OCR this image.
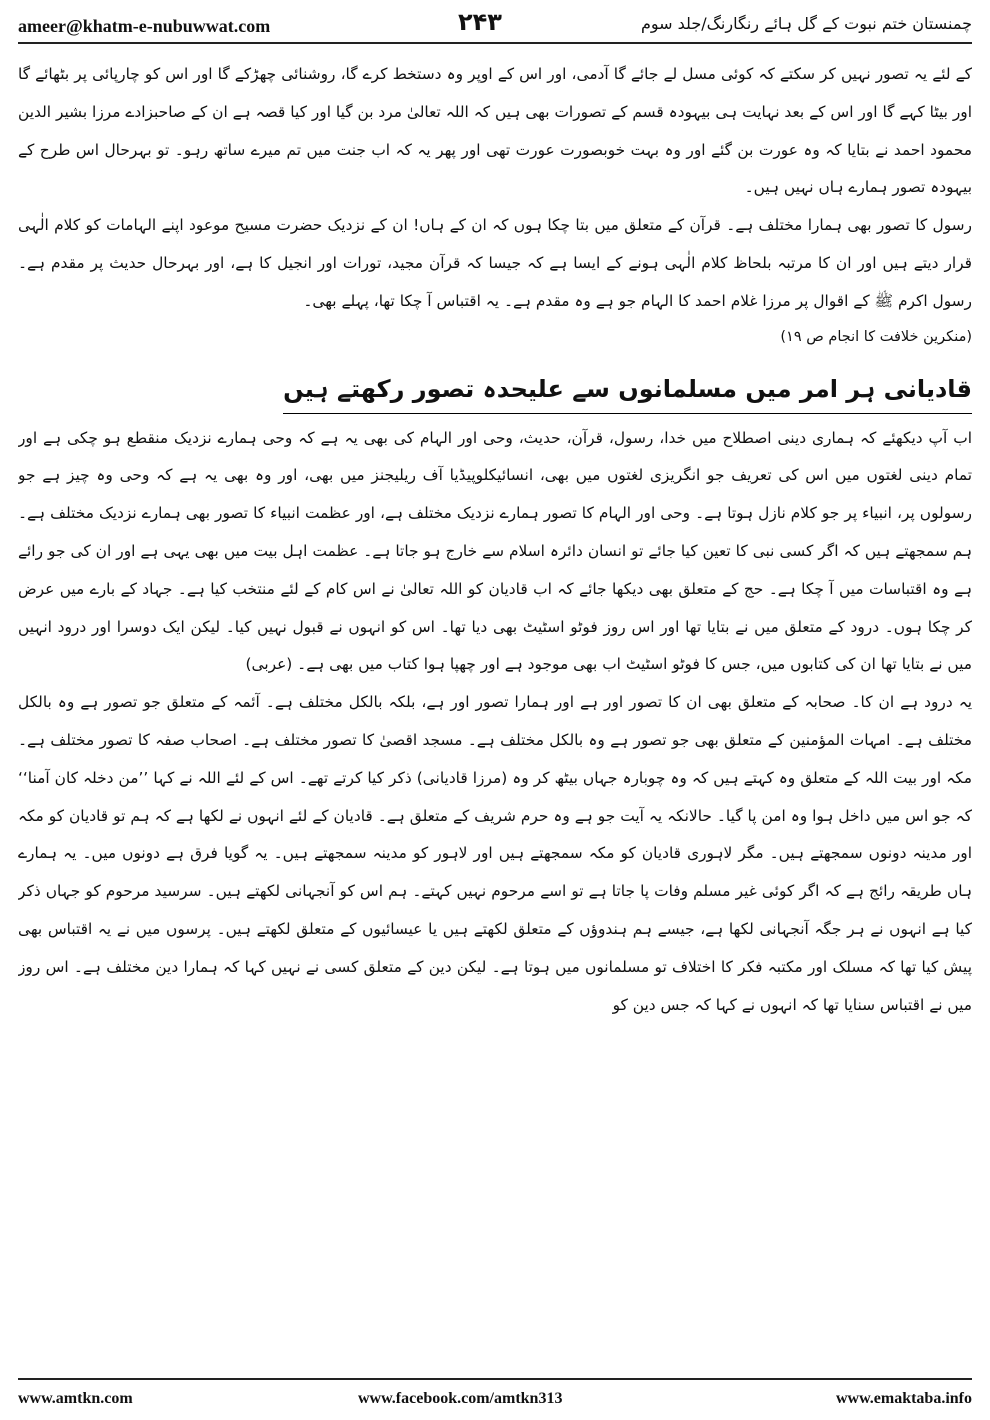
ameer@khatm-e-nubuwwat.com	۲۴۳	چمنستان ختم نبوت کے گل ہائے رنگارنگ/جلد سوم

کے لئے یہ تصور نہیں کر سکتے کہ کوئی مسل لے جائے گا آدمی، اور اس کے اوپر وہ دستخط کرے گا، روشنائی چھڑکے گا اور اس کو چارپائی پر بٹھائے گا اور بیٹا کہے گا اور اس کے بعد نہایت ہی بیہودہ قسم کے تصورات بھی ہیں کہ اللہ تعالیٰ مرد بن گیا اور کیا قصہ ہے ان کے صاحبزادے مرزا بشیر الدین محمود احمد نے بتایا کہ وہ عورت بن گئے اور وہ بہت خوبصورت عورت تھی اور پھر یہ کہ اب جنت میں تم میرے ساتھ رہو۔ تو بہرحال اس طرح کے بیہودہ تصور ہمارے ہاں نہیں ہیں۔

رسول کا تصور بھی ہمارا مختلف ہے۔ قرآن کے متعلق میں بتا چکا ہوں کہ ان کے ہاں! ان کے نزدیک حضرت مسیح موعود اپنے الہامات کو کلام الٰہی قرار دیتے ہیں اور ان کا مرتبہ بلحاظ کلام الٰہی ہونے کے ایسا ہے کہ جیسا کہ قرآن مجید، تورات اور انجیل کا ہے، اور بہرحال حدیث پر مقدم ہے۔ رسول اکرم ﷺ کے اقوال پر مرزا غلام احمد کا الہام جو ہے وہ مقدم ہے۔ یہ اقتباس آ چکا تھا، پہلے بھی۔

(منکرین خلافت کا انجام ص ۱۹)

قادیانی ہر امر میں مسلمانوں سے علیحدہ تصور رکھتے ہیں

اب آپ دیکھئے کہ ہماری دینی اصطلاح میں خدا، رسول، قرآن، حدیث، وحی اور الہام کی بھی یہ ہے کہ وحی ہمارے نزدیک منقطع ہو چکی ہے اور تمام دینی لغتوں میں اس کی تعریف جو انگریزی لغتوں میں بھی، انسائیکلوپیڈیا آف ریلیجنز میں بھی، اور وہ بھی یہ ہے کہ وحی وہ چیز ہے جو رسولوں پر، انبیاء پر جو کلام نازل ہوتا ہے۔ وحی اور الہام کا تصور ہمارے نزدیک مختلف ہے، اور عظمت انبیاء کا تصور بھی ہمارے نزدیک مختلف ہے۔ ہم سمجھتے ہیں کہ اگر کسی نبی کا تعین کیا جائے تو انسان دائرہ اسلام سے خارج ہو جاتا ہے۔ عظمت اہل بیت میں بھی یہی ہے اور ان کی جو رائے ہے وہ اقتباسات میں آ چکا ہے۔ حج کے متعلق بھی دیکھا جائے کہ اب قادیان کو اللہ تعالیٰ نے اس کام کے لئے منتخب کیا ہے۔ جہاد کے بارے میں عرض کر چکا ہوں۔ درود کے متعلق میں نے بتایا تھا اور اس روز فوٹو اسٹیٹ بھی دیا تھا۔ اس کو انہوں نے قبول نہیں کیا۔ لیکن ایک دوسرا اور درود انہیں میں نے بتایا تھا ان کی کتابوں میں، جس کا فوٹو اسٹیٹ اب بھی موجود ہے اور چھپا ہوا کتاب میں بھی ہے۔ (عربی)

یہ درود ہے ان کا۔ صحابہ کے متعلق بھی ان کا تصور اور ہے اور ہمارا تصور اور ہے، بلکہ بالکل مختلف ہے۔ آئمہ کے متعلق جو تصور ہے وہ بالکل مختلف ہے۔ امہات المؤمنین کے متعلق بھی جو تصور ہے وہ بالکل مختلف ہے۔ مسجد اقصیٰ کا تصور مختلف ہے۔ اصحاب صفہ کا تصور مختلف ہے۔ مکہ اور بیت اللہ کے متعلق وہ کہتے ہیں کہ وہ چوبارہ جہاں بیٹھ کر وہ (مرزا قادیانی) ذکر کیا کرتے تھے۔ اس کے لئے اللہ نے کہا ’’من دخلہ کان آمنا‘‘ کہ جو اس میں داخل ہوا وہ امن پا گیا۔ حالانکہ یہ آیت جو ہے وہ حرم شریف کے متعلق ہے۔ قادیان کے لئے انہوں نے لکھا ہے کہ ہم تو قادیان کو مکہ اور مدینہ دونوں سمجھتے ہیں۔ مگر لاہوری قادیان کو مکہ سمجھتے ہیں اور لاہور کو مدینہ سمجھتے ہیں۔ یہ گویا فرق ہے دونوں میں۔ یہ ہمارے ہاں طریقہ رائج ہے کہ اگر کوئی غیر مسلم وفات پا جاتا ہے تو اسے مرحوم نہیں کہتے۔ ہم اس کو آنجہانی لکھتے ہیں۔ سرسید مرحوم کو جہاں ذکر کیا ہے انہوں نے ہر جگہ آنجہانی لکھا ہے، جیسے ہم ہندوؤں کے متعلق لکھتے ہیں یا عیسائیوں کے متعلق لکھتے ہیں۔ پرسوں میں نے یہ اقتباس بھی پیش کیا تھا کہ مسلک اور مکتبہ فکر کا اختلاف تو مسلمانوں میں ہوتا ہے۔ لیکن دین کے متعلق کسی نے نہیں کہا کہ ہمارا دین مختلف ہے۔ اس روز میں نے اقتباس سنایا تھا کہ انہوں نے کہا کہ جس دین کو

www.amtkn.com	www.facebook.com/amtkn313	www.emaktaba.info
